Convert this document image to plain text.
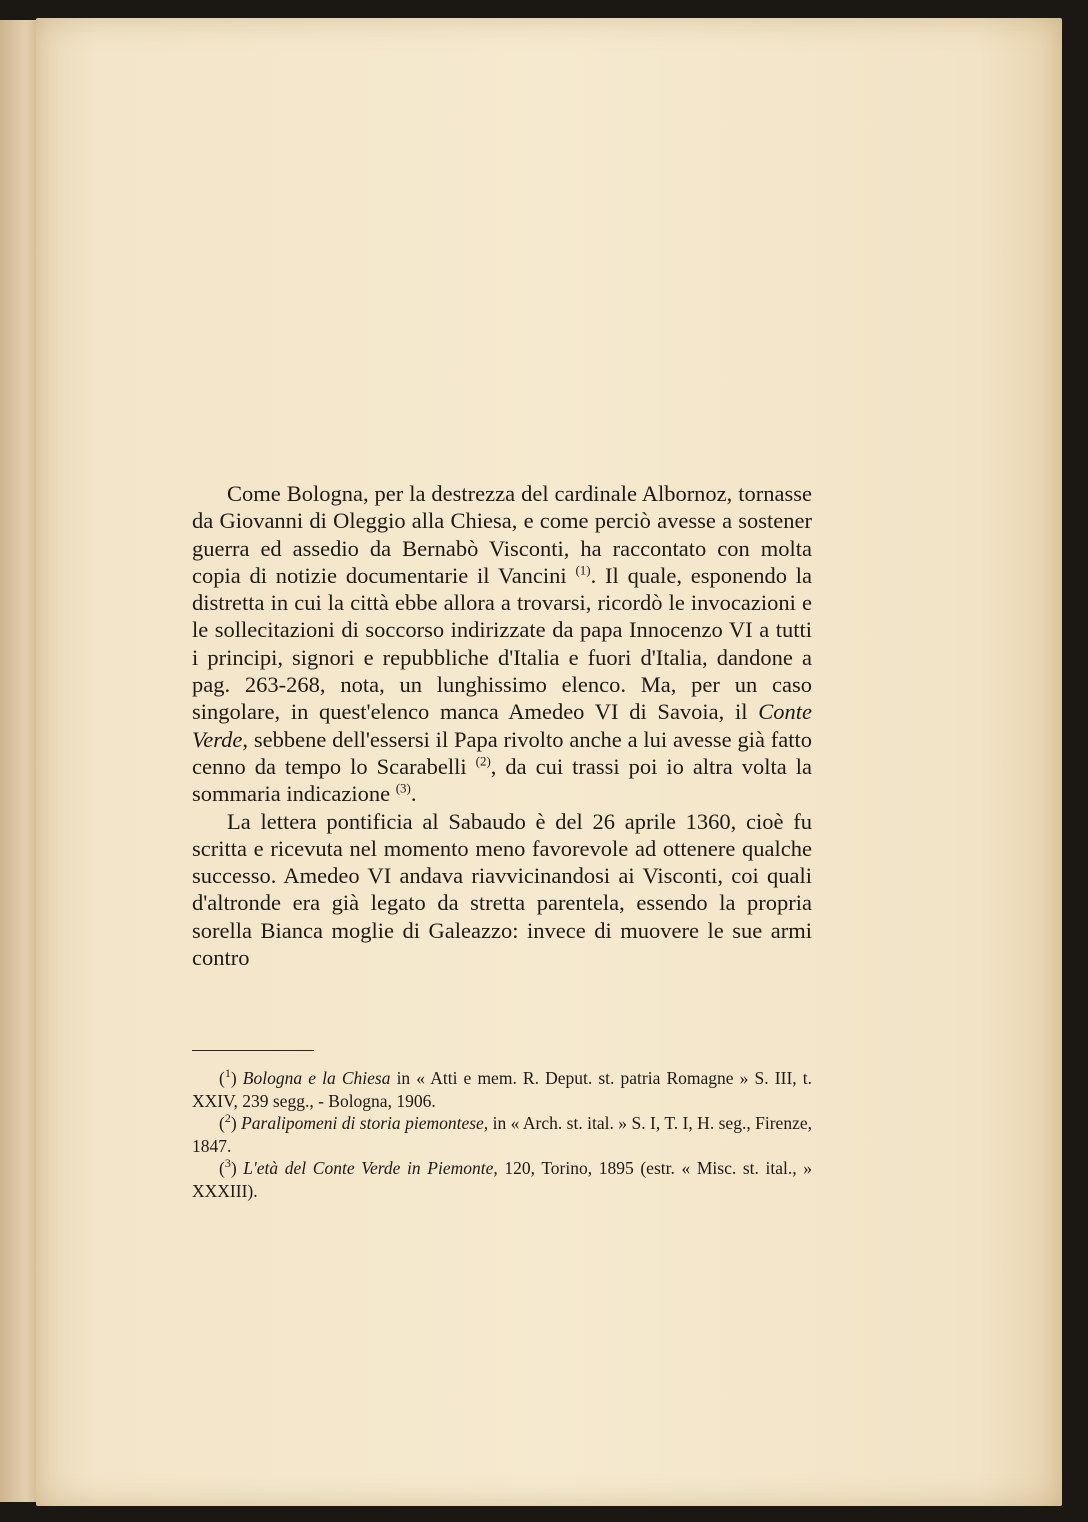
Come Bologna, per la destrezza del cardinale Albornoz, tornasse da Giovanni di Oleggio alla Chiesa, e come perciò avesse a sostener guerra ed assedio da Bernabò Visconti, ha raccontato con molta copia di notizie documentarie il Vancini $^{(1)}$. Il quale, esponendo la distretta in cui la città ebbe allora a trovarsi, ricordò le invocazioni e le sollecitazioni di soccorso indirizzate da papa Innocenzo VI a tutti i principi, signori e repubbliche d'Italia e fuori d'Italia, dandone a pag. 263-268, nota, un lunghissimo elenco. Ma, per un caso singolare, in quest'elenco manca Amedeo VI di Savoia, il Conte Verde, sebbene dell'essersi il Papa rivolto anche a lui avesse già fatto cenno da tempo lo Scarabelli $^{(2)}$, da cui trassi poi io altra volta la sommaria indicazione $^{(3)}$.

La lettera pontificia al Sabaudo è del 26 aprile 1360, cioè fu scritta e ricevuta nel momento meno favorevole ad ottenere qualche successo. Amedeo VI andava riavvicinandosi ai Visconti, coi quali d'altronde era già legato da stretta parentela, essendo la propria sorella Bianca moglie di Galeazzo: invece di muovere le sue armi contro

($^1$) Bologna e la Chiesa in « Atti e mem. R. Deput. st. patria Romagne » S. III, t. XXIV, 239 segg., - Bologna, 1906.

($^2$) Paralipomeni di storia piemontese, in « Arch. st. ital. » S. I, T. I, H. seg., Firenze, 1847.

($^3$) L'età del Conte Verde in Piemonte, 120, Torino, 1895 (estr. « Misc. st. ital., » XXXIII).
